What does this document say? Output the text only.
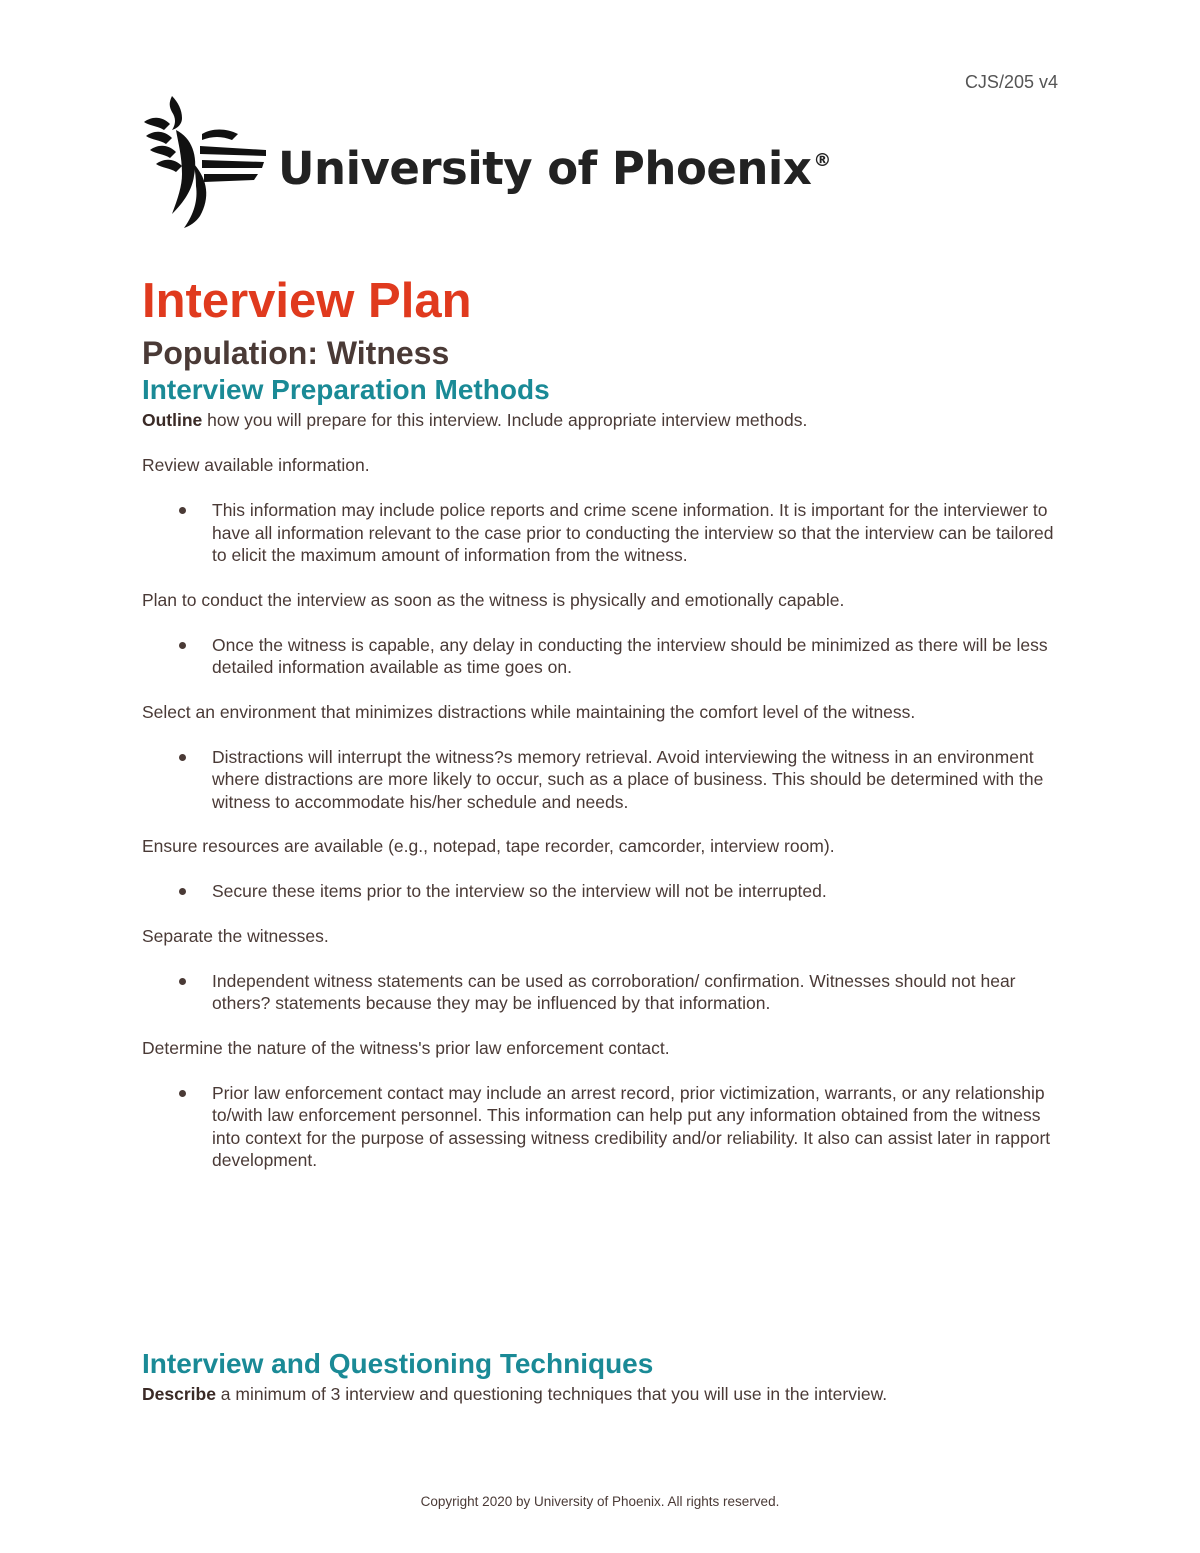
CJS/205 v4
University of Phoenix ®
Interview Plan
Population: Witness
Interview Preparation Methods

Outline how you will prepare for this interview. Include appropriate interview methods.

Review available information.

This information may include police reports and crime scene information. It is important for the interviewer to have all information relevant to the case prior to conducting the interview so that the interview can be tailored to elicit the maximum amount of information from the witness.

Plan to conduct the interview as soon as the witness is physically and emotionally capable.

Once the witness is capable, any delay in conducting the interview should be minimized as there will be less detailed information available as time goes on.

Select an environment that minimizes distractions while maintaining the comfort level of the witness.

Distractions will interrupt the witness?s memory retrieval. Avoid interviewing the witness in an environment where distractions are more likely to occur, such as a place of business. This should be determined with the witness to accommodate his/her schedule and needs.

Ensure resources are available (e.g., notepad, tape recorder, camcorder, interview room).

Secure these items prior to the interview so the interview will not be interrupted.

Separate the witnesses.

Independent witness statements can be used as corroboration/ confirmation. Witnesses should not hear others? statements because they may be influenced by that information.

Determine the nature of the witness's prior law enforcement contact.

Prior law enforcement contact may include an arrest record, prior victimization, warrants, or any relationship to/with law enforcement personnel. This information can help put any information obtained from the witness into context for the purpose of assessing witness credibility and/or reliability. It also can assist later in rapport development.
Interview and Questioning Techniques

Describe a minimum of 3 interview and questioning techniques that you will use in the interview.

Copyright 2020 by University of Phoenix. All rights reserved.
